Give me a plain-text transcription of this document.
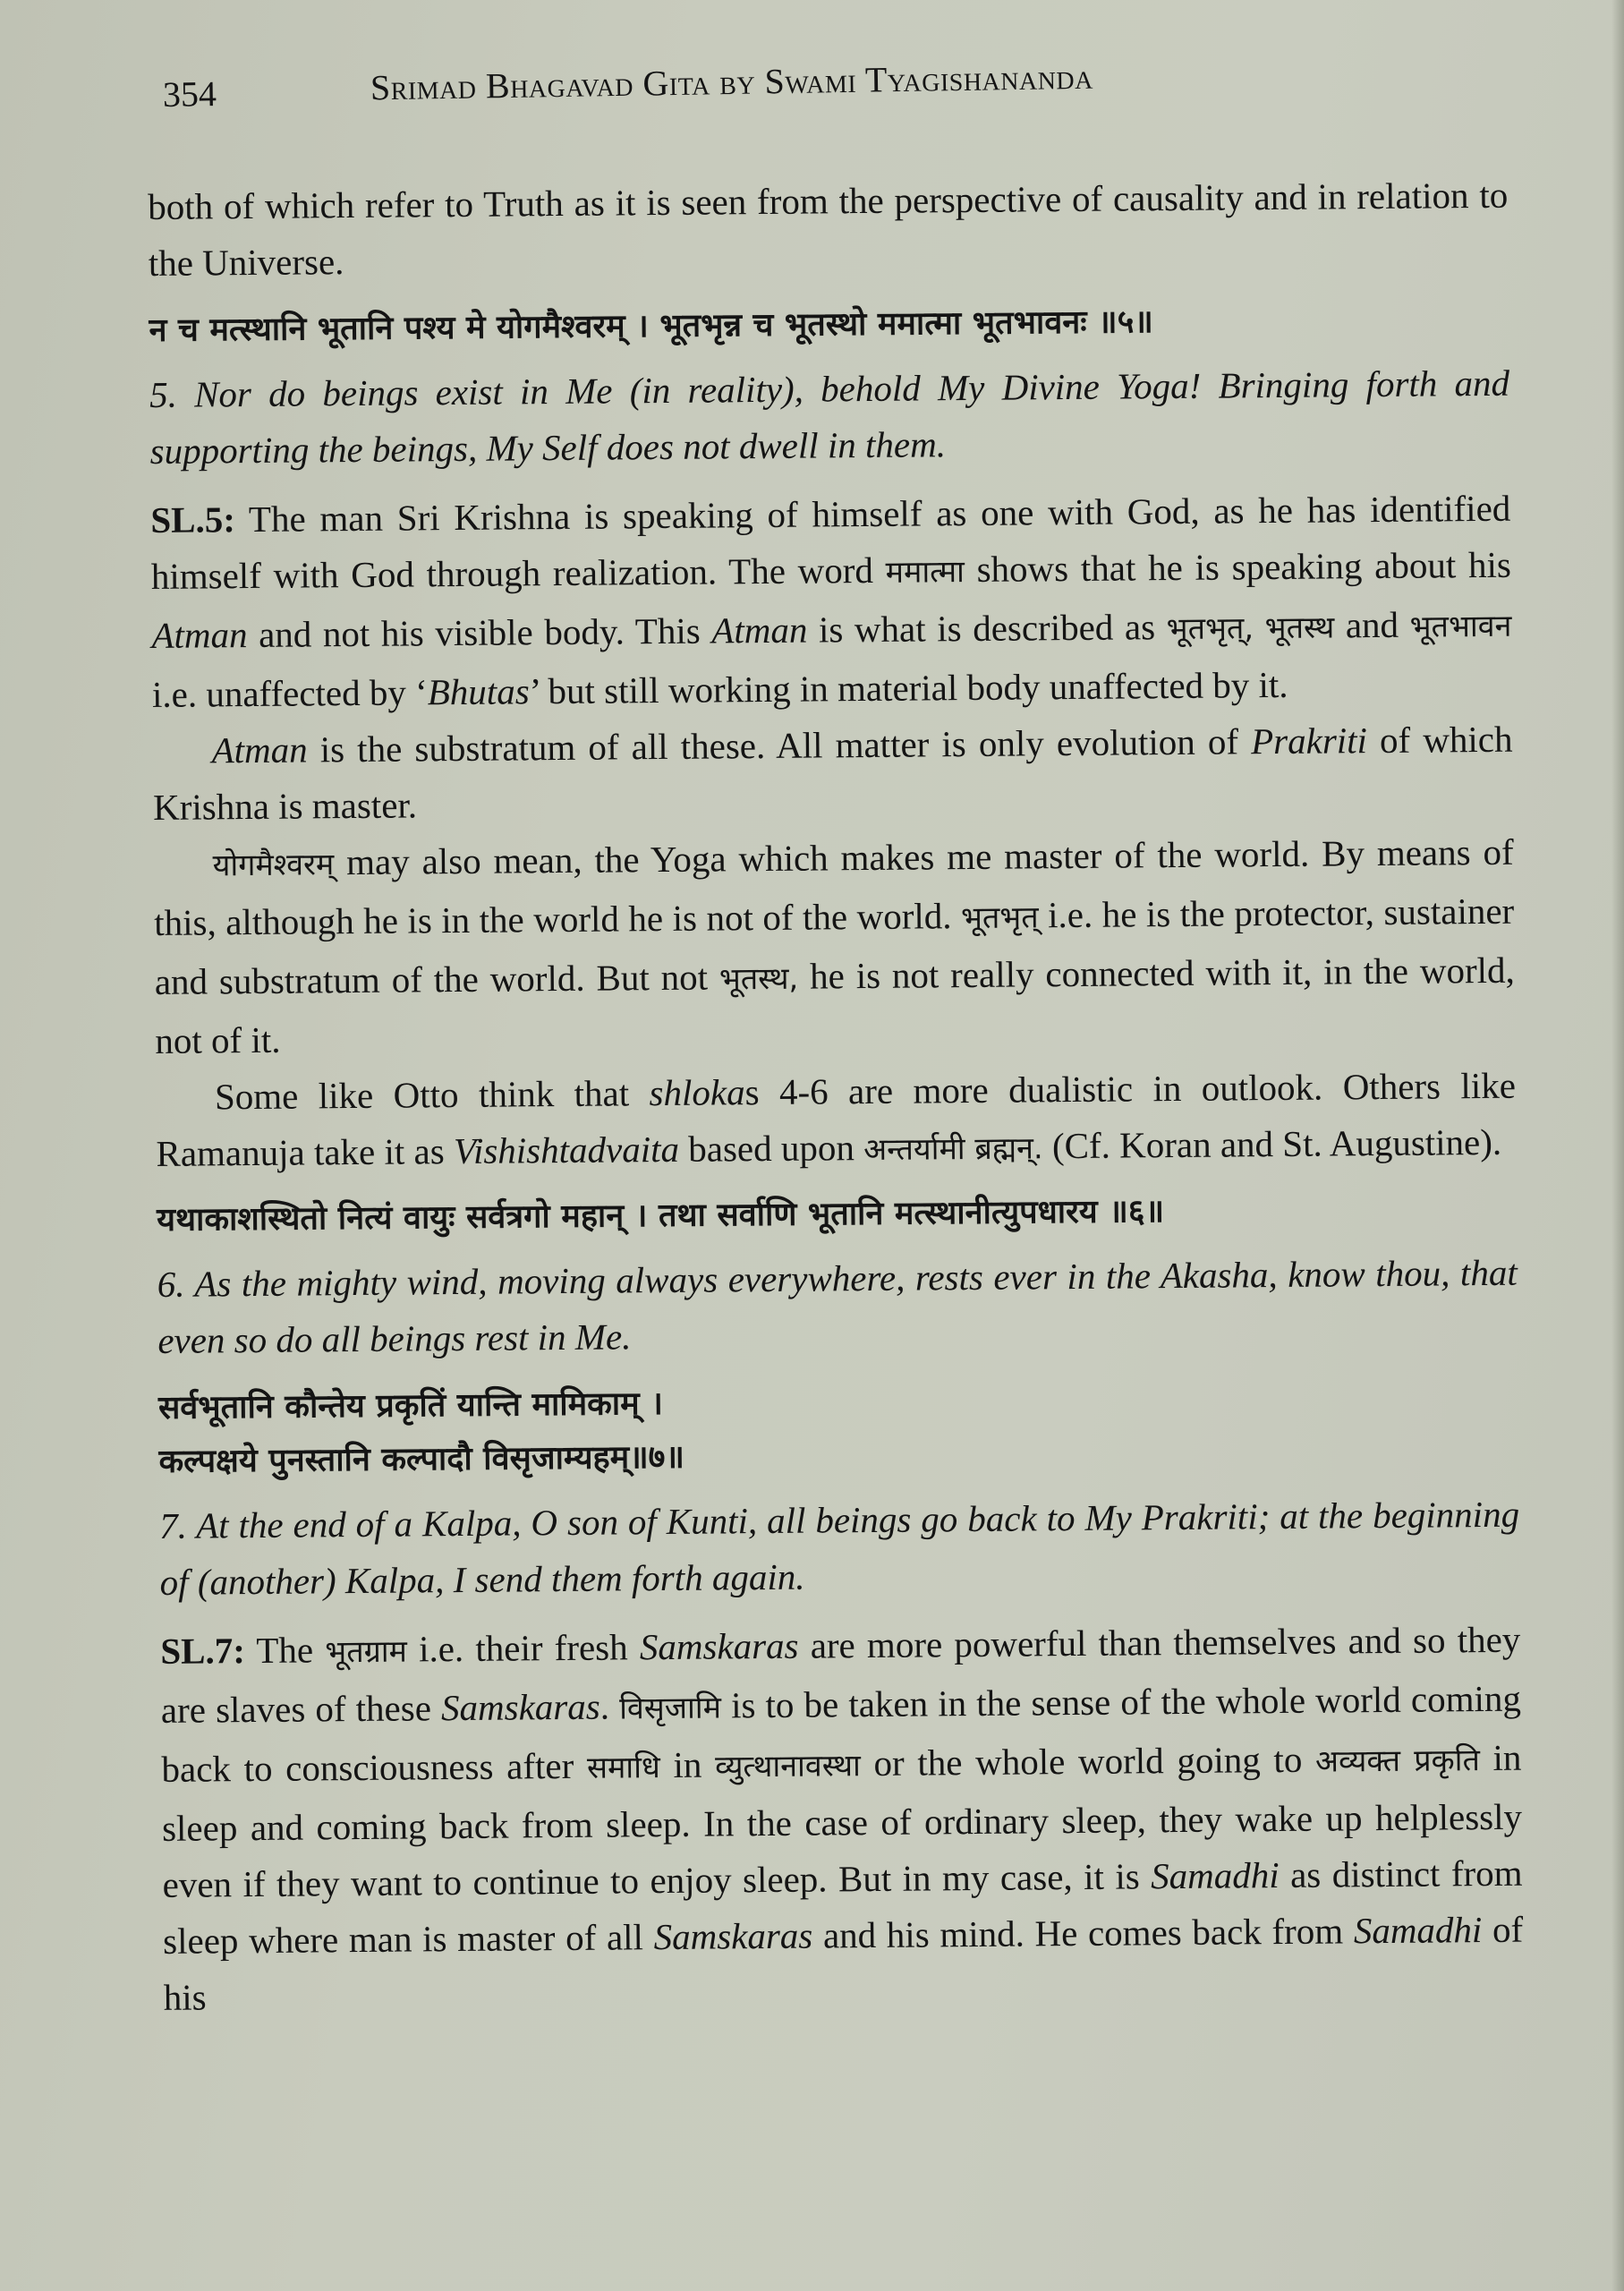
354	Srimad Bhagavad Gita by Swami Tyagishananda

both of which refer to Truth as it is seen from the perspective of causality and in relation to the Universe.

न च मत्स्थानि भूतानि पश्य मे योगमैश्वरम् । भूतभृन्न च भूतस्थो ममात्मा भूतभावनः ॥५॥

5. Nor do beings exist in Me (in reality), behold My Divine Yoga! Bringing forth and supporting the beings, My Self does not dwell in them.

SL.5: The man Sri Krishna is speaking of himself as one with God, as he has identified himself with God through realization. The word ममात्मा shows that he is speaking about his Atman and not his visible body. This Atman is what is described as भूतभृत्, भूतस्थ and भूतभावन i.e. unaffected by ‘Bhutas’ but still working in material body unaffected by it.

Atman is the substratum of all these. All matter is only evolution of Prakriti of which Krishna is master.

योगमैश्वरम् may also mean, the Yoga which makes me master of the world. By means of this, although he is in the world he is not of the world. भूतभृत् i.e. he is the protector, sustainer and substratum of the world. But not भूतस्थ, he is not really connected with it, in the world, not of it.

Some like Otto think that shlokas 4-6 are more dualistic in outlook. Others like Ramanuja take it as Vishishtadvaita based upon अन्तर्यामी ब्रह्मन्. (Cf. Koran and St. Augustine).

यथाकाशस्थितो नित्यं वायुः सर्वत्रगो महान् । तथा सर्वाणि भूतानि मत्स्थानीत्युपधारय ॥६॥

6. As the mighty wind, moving always everywhere, rests ever in the Akasha, know thou, that even so do all beings rest in Me.

सर्वभूतानि कौन्तेय प्रकृतिं यान्ति मामिकाम् ।
कल्पक्षये पुनस्तानि कल्पादौ विसृजाम्यहम्॥७॥

7. At the end of a Kalpa, O son of Kunti, all beings go back to My Prakriti; at the beginning of (another) Kalpa, I send them forth again.

SL.7: The भूतग्राम i.e. their fresh Samskaras are more powerful than themselves and so they are slaves of these Samskaras. विसृजामि is to be taken in the sense of the whole world coming back to consciousness after समाधि in व्युत्थानावस्था or the whole world going to अव्यक्त प्रकृति in sleep and coming back from sleep. In the case of ordinary sleep, they wake up helplessly even if they want to continue to enjoy sleep. But in my case, it is Samadhi as distinct from sleep where man is master of all Samskaras and his mind. He comes back from Samadhi of his
